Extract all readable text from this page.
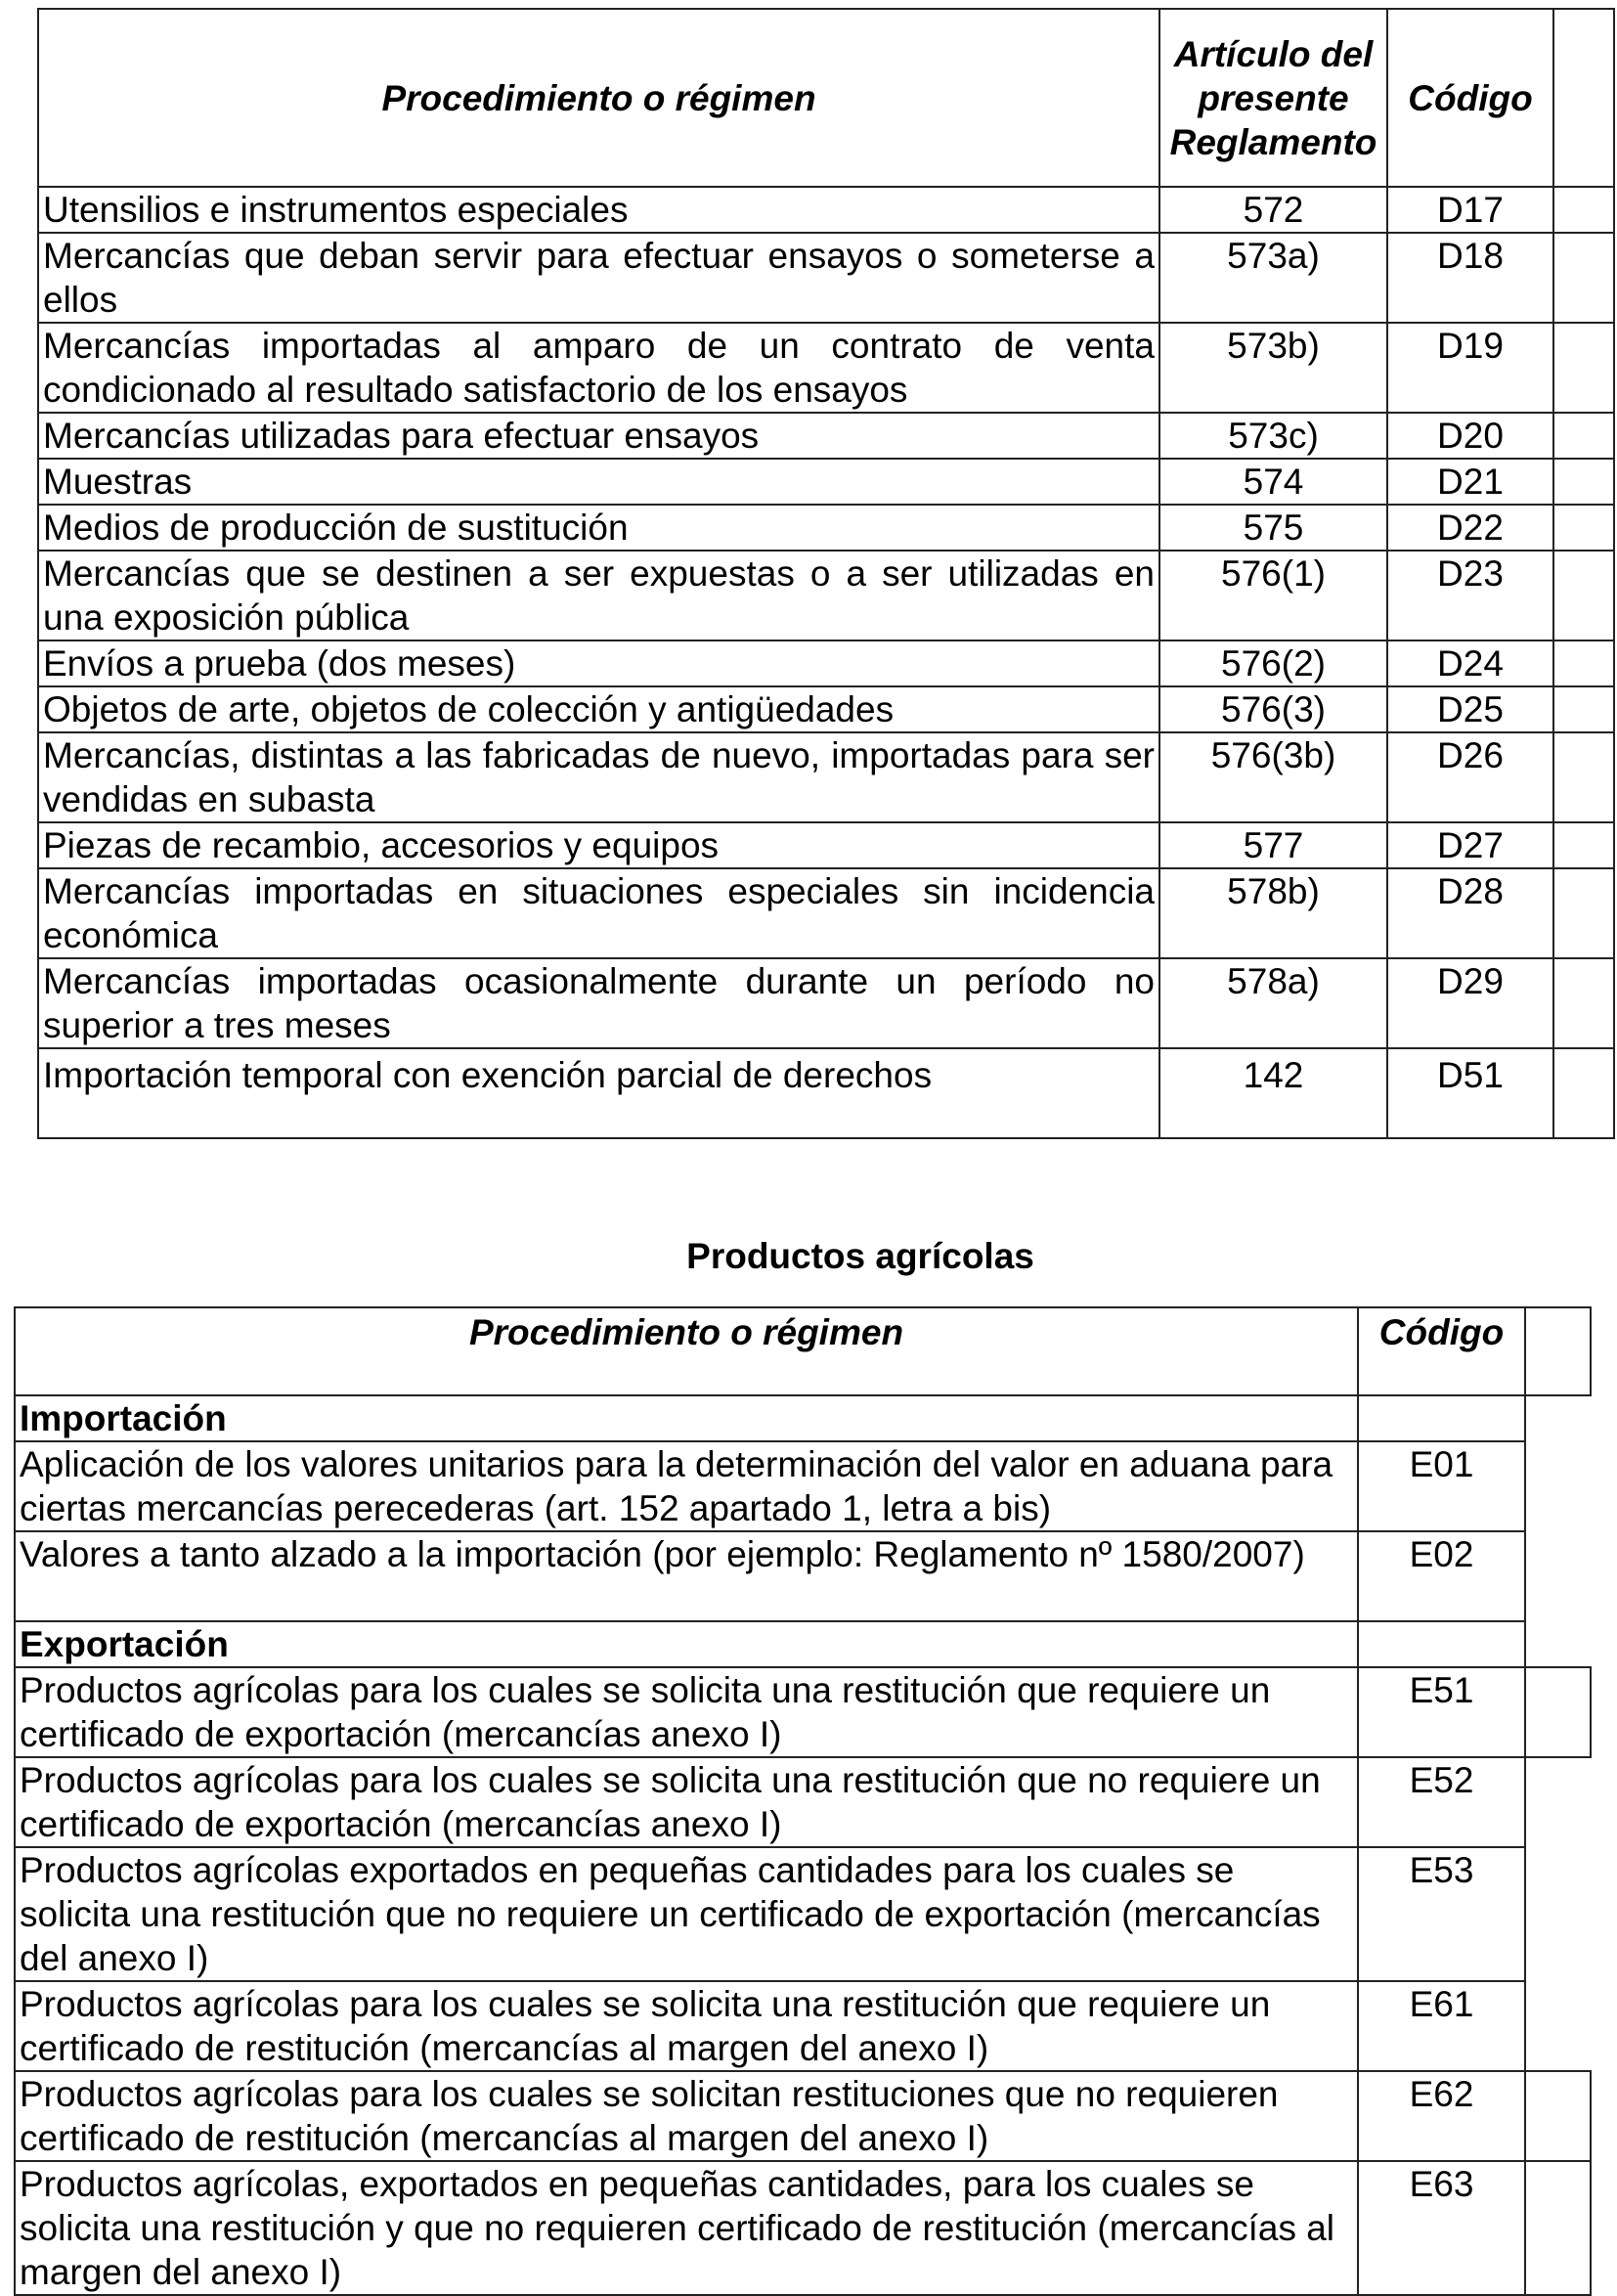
Procedimiento o régimen	Artículo del presente Reglamento	Código	
Utensilios e instrumentos especiales	572	D17	
Mercancías que deban servir para efectuar ensayos o someterse a ellos	573a)	D18	
Mercancías importadas al amparo de un contrato de venta condicionado al resultado satisfactorio de los ensayos	573b)	D19	
Mercancías utilizadas para efectuar ensayos	573c)	D20	
Muestras	574	D21	
Medios de producción de sustitución	575	D22	
Mercancías que se destinen a ser expuestas o a ser utilizadas en una exposición pública	576(1)	D23	
Envíos a prueba (dos meses)	576(2)	D24	
Objetos de arte, objetos de colección y antigüedades	576(3)	D25	
Mercancías, distintas a las fabricadas de nuevo, importadas para ser vendidas en subasta	576(3b)	D26	
Piezas de recambio, accesorios y equipos	577	D27	
Mercancías importadas en situaciones especiales sin incidencia económica	578b)	D28	
Mercancías importadas ocasionalmente durante un período no superior a tres meses	578a)	D29	
Importación temporal con exención parcial de derechos	142	D51	
Productos agrícolas
Procedimiento o régimen	Código	
Importación		
Aplicación de los valores unitarios para la determinación del valor en aduana para ciertas mercancías perecederas (art. 152 apartado 1, letra a bis)	E01	
Valores a tanto alzado a la importación (por ejemplo: Reglamento nº 1580/2007)	E02	
Exportación		
Productos agrícolas para los cuales se solicita una restitución que requiere un certificado de exportación (mercancías anexo I)	E51	
Productos agrícolas para los cuales se solicita una restitución que no requiere un certificado de exportación (mercancías anexo I)	E52	
Productos agrícolas exportados en pequeñas cantidades para los cuales se solicita una restitución que no requiere un certificado de exportación (mercancías del anexo I)	E53	
Productos agrícolas para los cuales se solicita una restitución que requiere un certificado de restitución (mercancías al margen del anexo I)	E61	
Productos agrícolas para los cuales se solicitan restituciones que no requieren certificado de restitución (mercancías al margen del anexo I)	E62	
Productos agrícolas, exportados en pequeñas cantidades, para los cuales se solicita una restitución y que no requieren certificado de restitución (mercancías al margen del anexo I)	E63	
